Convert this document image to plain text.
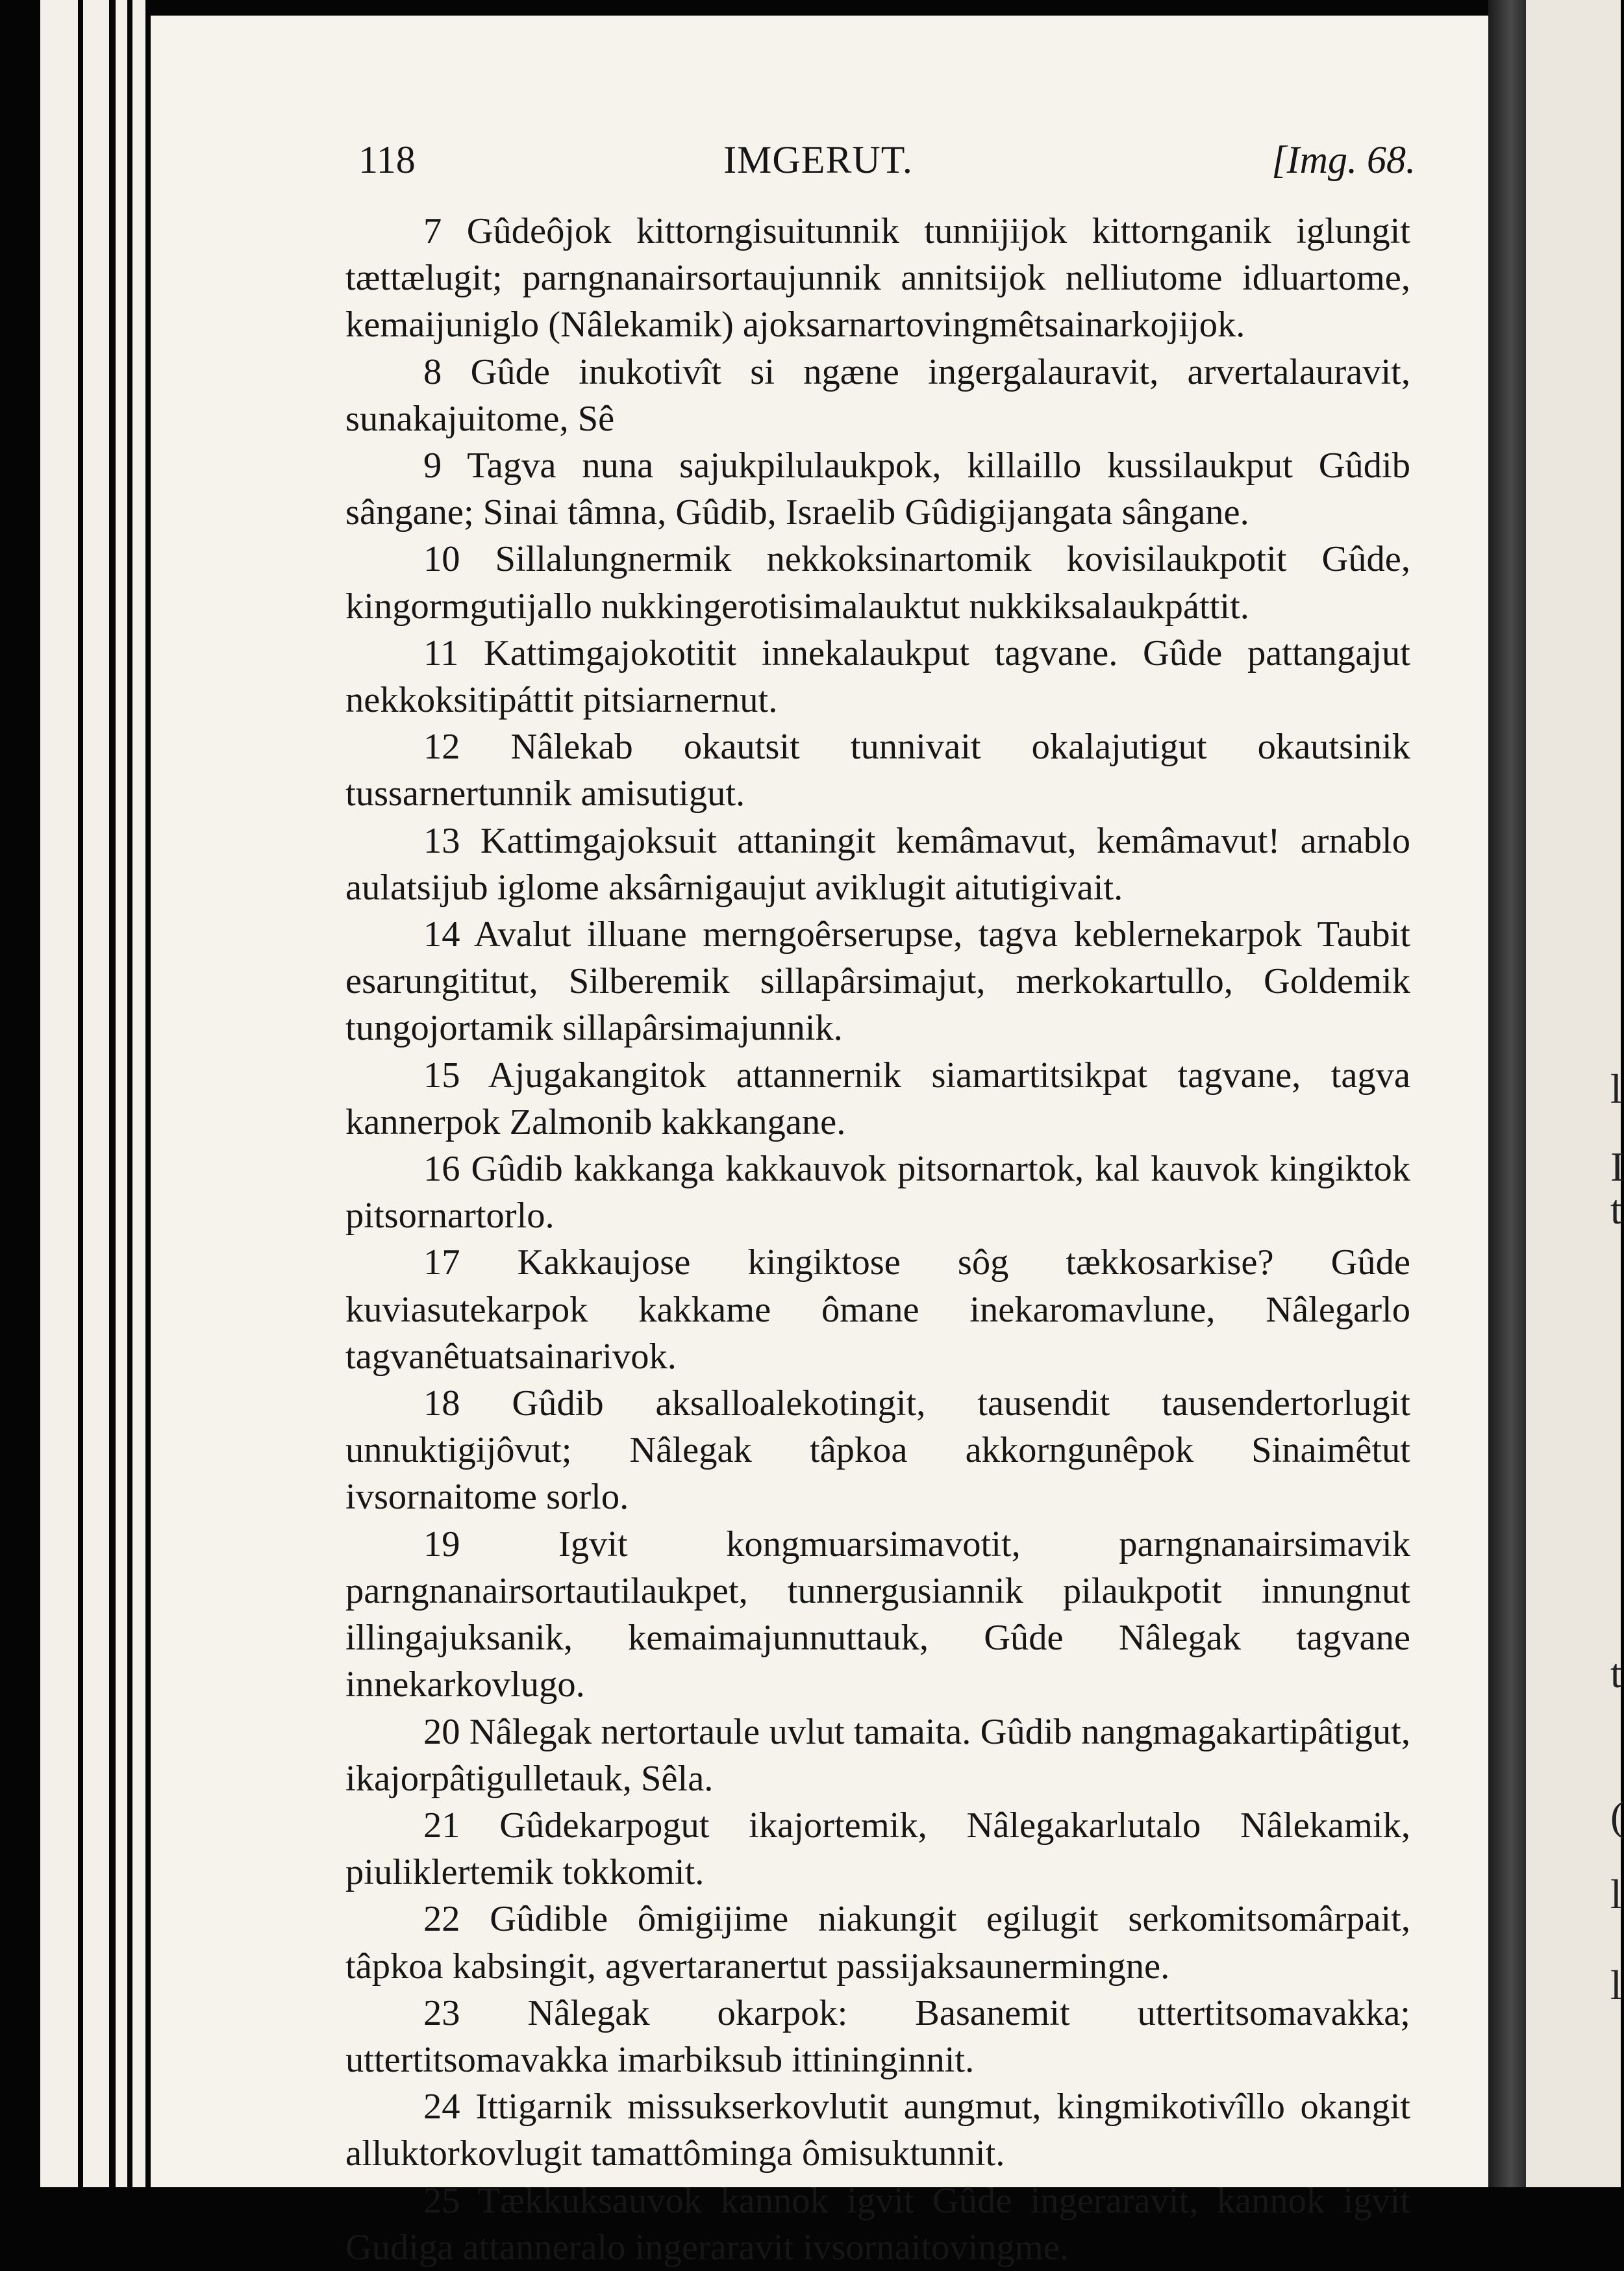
l
I
t
t
l
l
(
118	IMGERUT.	[Img. 68.
7 Gûdeôjok kittorngisuitunnik tunnijijok kittornganik iglungit tættælugit; parngnanairsortaujunnik annitsijok nelliutome idluartome, kemaijuniglo (Nâlekamik) ajoksarnartovingmêtsainarkojijok.
8 Gûde inukotivît si ngæne ingergalauravit, arvertalauravit, sunakajuitome, Sê
9 Tagva nuna sajukpilulaukpok, killaillo kussilaukput Gûdib sângane; Sinai tâmna, Gûdib, Israelib Gûdigijangata sângane.
10 Sillalungnermik nekkoksinartomik kovisilaukpotit Gûde, kingormgutijallo nukkingerotisimalauktut nukkiksalaukpáttit.
11 Kattimgajokotitit innekalaukput tagvane. Gûde pattangajut nekkoksitipáttit pitsiarnernut.
12 Nâlekab okautsit tunnivait okalajutigut okautsinik tussarnertunnik amisutigut.
13 Kattimgajoksuit attaningit kemâmavut, kemâmavut! arnablo aulatsijub iglome aksârnigaujut aviklugit aitutigivait.
14 Avalut illuane merngoêrserupse, tagva keblernekarpok Taubit esarungititut, Silberemik sillapârsimajut, merkokartullo, Goldemik tungojortamik sillapârsimajunnik.
15 Ajugakangitok attannernik siamartitsikpat tagvane, tagva kannerpok Zalmonib kakkangane.
16 Gûdib kakkanga kakkauvok pitsornartok, kal kauvok kingiktok pitsornartorlo.
17 Kakkaujose kingiktose sôg tækkosarkise? Gûde kuviasutekarpok kakkame ômane inekaromavlune, Nâlegarlo tagvanêtuatsainarivok.
18 Gûdib aksalloalekotingit, tausendit tausendertorlugit unnuktigijôvut; Nâlegak tâpkoa akkorngunêpok Sinaimêtut ivsornaitome sorlo.
19	Igvit kongmuarsimavotit, parngnanairsimavik parngnanairsortautilaukpet, tunnergusiannik pilaukpotit innungnut illingajuksanik, kemaimajunnuttauk, Gûde Nâlegak tagvane innekarkovlugo.
20 Nâlegak nertortaule uvlut tamaita. Gûdib nangmagakartipâtigut, ikajorpâtigulletauk, Sêla.
21 Gûdekarpogut ikajortemik, Nâlegakarlutalo Nâlekamik, piuliklertemik tokkomit.
22 Gûdible ômigijime niakungit egilugit serkomitsomârpait, tâpkoa kabsingit, agvertaranertut passijaksaunermingne.
23 Nâlegak okarpok: Basanemit uttertitsomavakka; uttertitsomavakka imarbiksub ittininginnit.
24 Ittigarnik missukserkovlutit aungmut, kingmikotivîllo okangit alluktorkovlugit tamattôminga ômisuktunnit.
25 Tækkuksauvok kannok igvit Gûde ingeraravit, kannok igvit Gudiga attanneralo ingeraravit ivsornaitovingme.
